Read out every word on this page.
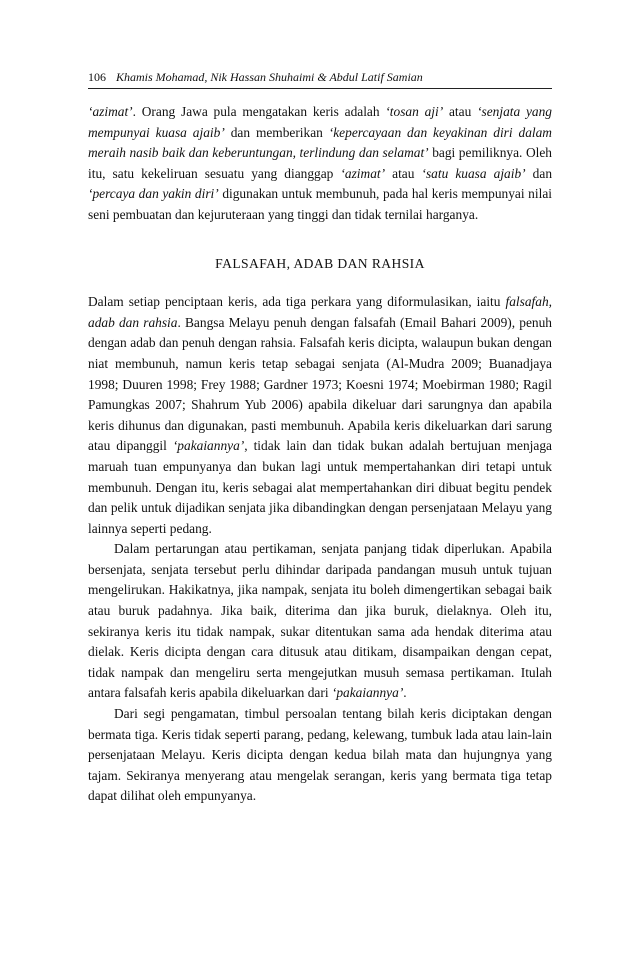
106 Khamis Mohamad, Nik Hassan Shuhaimi & Abdul Latif Samian

‘azimat’. Orang Jawa pula mengatakan keris adalah ‘tosan aji’ atau ‘senjata yang mempunyai kuasa ajaib’ dan memberikan ‘kepercayaan dan keyakinan diri dalam meraih nasib baik dan keberuntungan, terlindung dan selamat’ bagi pemiliknya. Oleh itu, satu kekeliruan sesuatu yang dianggap ‘azimat’ atau ‘satu kuasa ajaib’ dan ‘percaya dan yakin diri’ digunakan untuk membunuh, pada hal keris mempunyai nilai seni pembuatan dan kejuruteraan yang tinggi dan tidak ternilai harganya.

FALSAFAH, ADAB DAN RAHSIA

Dalam setiap penciptaan keris, ada tiga perkara yang diformulasikan, iaitu falsafah, adab dan rahsia. Bangsa Melayu penuh dengan falsafah (Email Bahari 2009), penuh dengan adab dan penuh dengan rahsia. Falsafah keris dicipta, walaupun bukan dengan niat membunuh, namun keris tetap sebagai senjata (Al-Mudra 2009; Buanadjaya 1998; Duuren 1998; Frey 1988; Gardner 1973; Koesni 1974; Moebirman 1980; Ragil Pamungkas 2007; Shahrum Yub 2006) apabila dikeluar dari sarungnya dan apabila keris dihunus dan digunakan, pasti membunuh. Apabila keris dikeluarkan dari sarung atau dipanggil ‘pakaiannya’, tidak lain dan tidak bukan adalah bertujuan menjaga maruah tuan empunyanya dan bukan lagi untuk mempertahankan diri tetapi untuk membunuh. Dengan itu, keris sebagai alat mempertahankan diri dibuat begitu pendek dan pelik untuk dijadikan senjata jika dibandingkan dengan persenjataan Melayu yang lainnya seperti pedang.

Dalam pertarungan atau pertikaman, senjata panjang tidak diperlukan. Apabila bersenjata, senjata tersebut perlu dihindar daripada pandangan musuh untuk tujuan mengelirukan. Hakikatnya, jika nampak, senjata itu boleh dimengertikan sebagai baik atau buruk padahnya. Jika baik, diterima dan jika buruk, dielaknya. Oleh itu, sekiranya keris itu tidak nampak, sukar ditentukan sama ada hendak diterima atau dielak. Keris dicipta dengan cara ditusuk atau ditikam, disampaikan dengan cepat, tidak nampak dan mengeliru serta mengejutkan musuh semasa pertikaman. Itulah antara falsafah keris apabila dikeluarkan dari ‘pakaiannya’.

Dari segi pengamatan, timbul persoalan tentang bilah keris diciptakan dengan bermata tiga. Keris tidak seperti parang, pedang, kelewang, tumbuk lada atau lain-lain persenjataan Melayu. Keris dicipta dengan kedua bilah mata dan hujungnya yang tajam. Sekiranya menyerang atau mengelak serangan, keris yang bermata tiga tetap dapat dilihat oleh empunyanya.
